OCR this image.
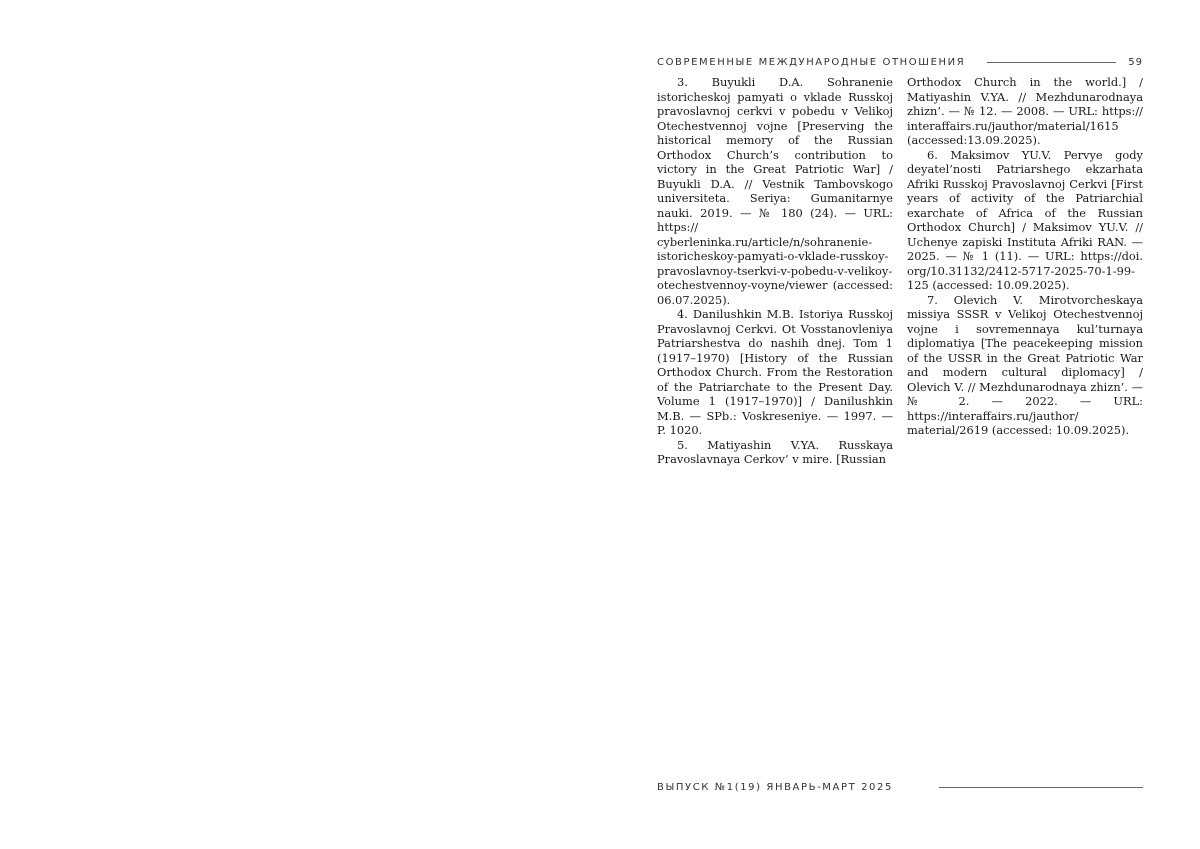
СОВРЕМЕННЫЕ МЕЖДУНАРОДНЫЕ ОТНОШЕНИЯ	59

3. Buyukli D.A. Sohranenie istoricheskoj pamyati o vklade Russkoj pravoslavnoj cerkvi v pobedu v Velikoj Otechestvennoj vojne [Preserving the historical memory of the Russian Orthodox Church’s contribution to victory in the Great Patriotic War] / Buyukli D.A. // Vestnik Tambovskogo universiteta. Seriya: Gumanitarnye nauki. 2019. — № 180 (24). — URL: https:// cyberleninka.ru/article/n/sohranenie-istoricheskoy-pamyati-o-vklade-russkoy-pravoslavnoy-tserkvi-v-pobedu-v-velikoy-otechestvennoy-voyne/viewer (accessed: 06.07.2025).

4. Danilushkin M.B. Istoriya Russkoj Pravoslavnoj Cerkvi. Ot Vosstanovleniya Patriarshestva do nashih dnej. Tom 1 (1917–1970) [History of the Russian Orthodox Church. From the Restoration of the Patriarchate to the Present Day. Volume 1 (1917–1970)] / Danilushkin M.B. — SPb.: Voskreseniye. — 1997. — P. 1020.

5. Matiyashin V.YA. Russkaya Pravoslavnaya Cerkov’ v mire. [Russian

Orthodox Church in the world.] / Matiyashin V.YA. // Mezhdunarodnaya zhizn’. — № 12. — 2008. — URL: https:// interaffairs.ru/jauthor/material/1615 (accessed:13.09.2025).

6. Maksimov YU.V. Pervye gody deyatel’nosti Patriarshego ekzarhata Afriki Russkoj Pravoslavnoj Cerkvi [First years of activity of the Patriarchial exarchate of Africa of the Russian Orthodox Church] / Maksimov YU.V. // Uchenye zapiski Instituta Afriki RAN. — 2025. — № 1 (11). — URL: https://doi. org/10.31132/2412-5717-2025-70-1-99-125 (accessed: 10.09.2025).

7. Olevich V. Mirotvorcheskaya missiya SSSR v Velikoj Otechestvennoj vojne i sovremennaya kul’turnaya diplomatiya [The peacekeeping mission of the USSR in the Great Patriotic War and modern cultural diplomacy] / Olevich V. // Mezhdunarodnaya zhizn’. — № 2. — 2022. — URL: https://interaffairs.ru/jauthor/ material/2619 (accessed: 10.09.2025).

ВЫПУСК №1(19) ЯНВАРЬ-МАРТ 2025
